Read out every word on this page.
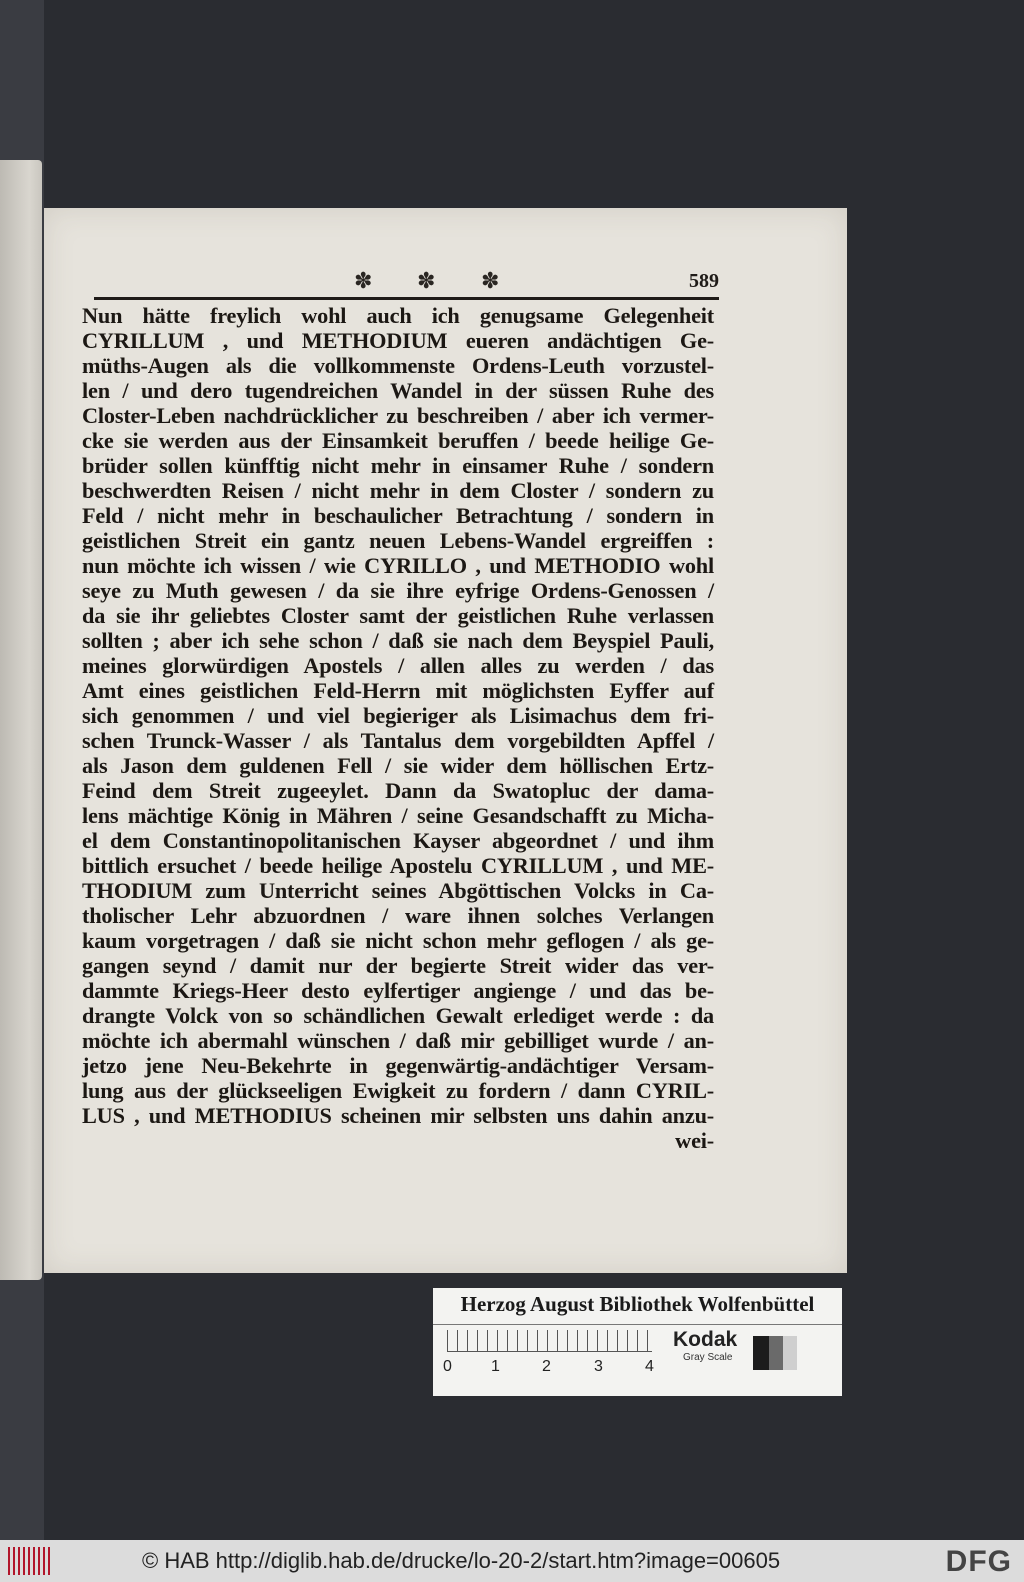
✽ ✽ ✽	589
Nun hätte freylich wohl auch ich genugsame Gelegenheit
CYRILLUM , und METHODIUM eueren andächtigen Ge-
müths-Augen als die vollkommenste Ordens-Leuth vorzustel-
len / und dero tugendreichen Wandel in der süssen Ruhe des
Closter-Leben nachdrücklicher zu beschreiben / aber ich vermer-
cke sie werden aus der Einsamkeit beruffen / beede heilige Ge-
brüder sollen künfftig nicht mehr in einsamer Ruhe / sondern
beschwerdten Reisen / nicht mehr in dem Closter / sondern zu
Feld / nicht mehr in beschaulicher Betrachtung / sondern in
geistlichen Streit ein gantz neuen Lebens-Wandel ergreiffen :
nun möchte ich wissen / wie CYRILLO , und METHODIO wohl
seye zu Muth gewesen / da sie ihre eyfrige Ordens-Genossen /
da sie ihr geliebtes Closter samt der geistlichen Ruhe verlassen
sollten ; aber ich sehe schon / daß sie nach dem Beyspiel Pauli,
meines glorwürdigen Apostels / allen alles zu werden / das
Amt eines geistlichen Feld-Herrn mit möglichsten Eyffer auf
sich genommen / und viel begieriger als Lisimachus dem fri-
schen Trunck-Wasser / als Tantalus dem vorgebildten Apffel /
als Jason dem guldenen Fell / sie wider dem höllischen Ertz-
Feind dem Streit zugeeylet. Dann da Swatopluc der dama-
lens mächtige König in Mähren / seine Gesandschafft zu Micha-
el dem Constantinopolitanischen Kayser abgeordnet / und ihm
bittlich ersuchet / beede heilige Apostelu CYRILLUM , und ME-
THODIUM zum Unterricht seines Abgöttischen Volcks in Ca-
tholischer Lehr abzuordnen / ware ihnen solches Verlangen
kaum vorgetragen / daß sie nicht schon mehr geflogen / als ge-
gangen seynd / damit nur der begierte Streit wider das ver-
dammte Kriegs-Heer desto eylfertiger angienge / und das be-
drangte Volck von so schändlichen Gewalt erlediget werde : da
möchte ich abermahl wünschen / daß mir gebilliget wurde / an-
jetzo jene Neu-Bekehrte in gegenwärtig-andächtiger Versam-
lung aus der glückseeligen Ewigkeit zu fordern / dann CYRIL-
LUS , und METHODIUS scheinen mir selbsten uns dahin anzu-
wei-
Herzog August Bibliothek Wolfenbüttel
0 1	2	3	4
Kodak
Gray Scale
© HAB http://diglib.hab.de/drucke/lo-20-2/start.htm?image=00605	DFG
